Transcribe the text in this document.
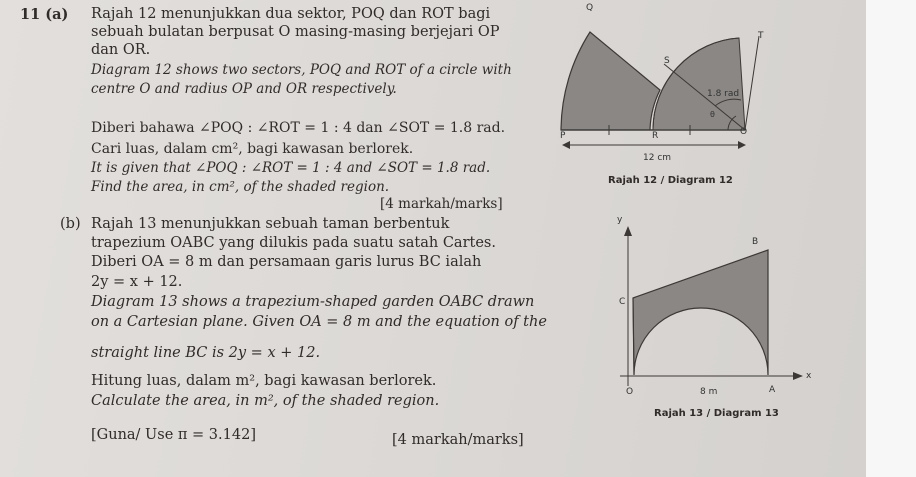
11 (a) Rajah 12 menunjukkan dua sektor, POQ dan ROT bagi
sebuah bulatan berpusat O masing-masing berjejari OP
dan OR.
Diagram 12 shows two sectors, POQ and ROT of a circle with
centre O and radius OP and OR respectively.
Diberi bahawa ∠POQ : ∠ROT = 1 : 4 dan ∠SOT = 1.8 rad.
Cari luas, dalam cm², bagi kawasan berlorek.
It is given that ∠POQ : ∠ROT = 1 : 4 and ∠SOT = 1.8 rad.
Find the area, in cm², of the shaded region.
[4 markah/marks]
Q
T
S
P	R	O
1.8 rad
θ
12 cm
Rajah 12 / Diagram 12
(b) Rajah 13 menunjukkan sebuah taman berbentuk
trapezium OABC yang dilukis pada suatu satah Cartes.
Diberi OA = 8 m dan persamaan garis lurus BC ialah
2y = x + 12.
Diagram 13 shows a trapezium-shaped garden OABC drawn
on a Cartesian plane. Given OA = 8 m and the equation of the
straight line BC is 2y = x + 12.
Hitung luas, dalam m², bagi kawasan berlorek.
Calculate the area, in m², of the shaded region.
[Guna/ Use π = 3.142]	[4 markah/marks]
y
x
B
C
O	A
8 m
Rajah 13 / Diagram 13
